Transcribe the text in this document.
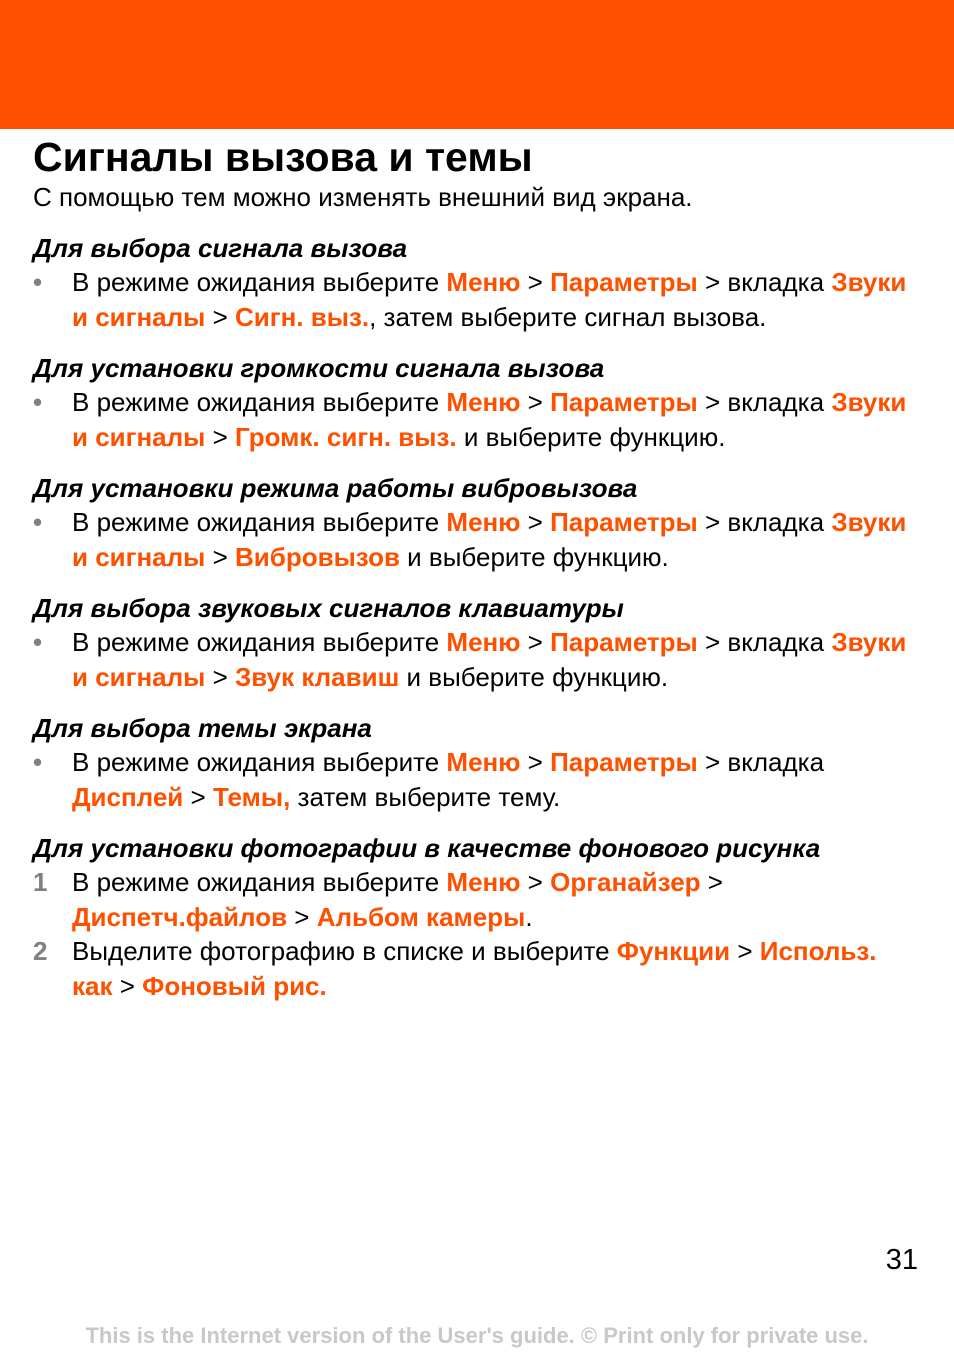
Сигналы вызова и темы

С помощью тем можно изменять внешний вид экрана.

Для выбора сигнала вызова
• В режиме ожидания выберите Меню > Параметры > вкладка Звуки и сигналы > Сигн. выз., затем выберите сигнал вызова.
Для установки громкости сигнала вызова
• В режиме ожидания выберите Меню > Параметры > вкладка Звуки и сигналы > Громк. сигн. выз. и выберите функцию.
Для установки режима работы вибровызова
• В режиме ожидания выберите Меню > Параметры > вкладка Звуки и сигналы > Вибровызов и выберите функцию.
Для выбора звуковых сигналов клавиатуры
• В режиме ожидания выберите Меню > Параметры > вкладка Звуки и сигналы > Звук клавиш и выберите функцию.
Для выбора темы экрана
• В режиме ожидания выберите Меню > Параметры > вкладка Дисплей > Темы, затем выберите тему.
Для установки фотографии в качестве фонового рисунка
1 В режиме ожидания выберите Меню > Органайзер > Диспетч.файлов > Альбом камеры.
2 Выделите фотографию в списке и выберите Функции > Использ. как > Фоновый рис.
31
This is the Internet version of the User's guide. © Print only for private use.
